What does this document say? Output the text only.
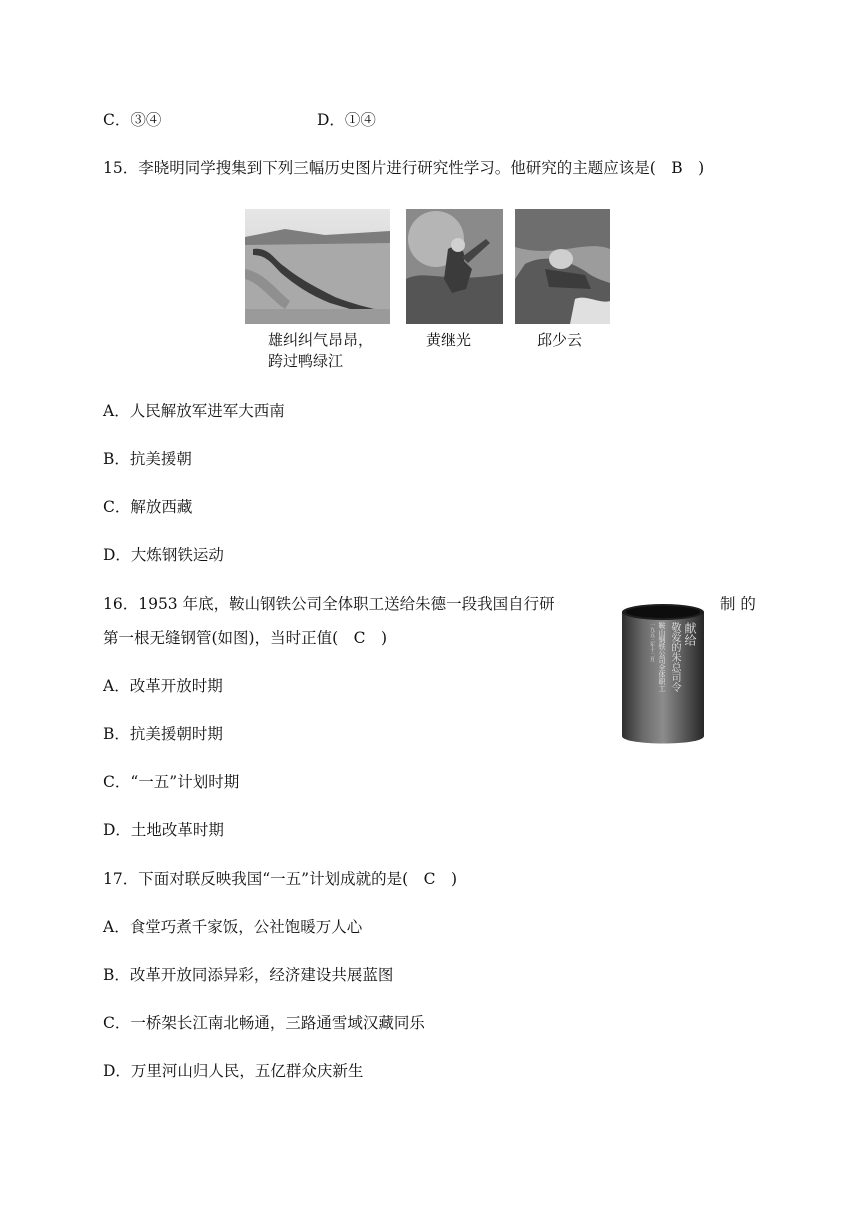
C．③④	D．①④
15．李晓明同学搜集到下列三幅历史图片进行研究性学习。他研究的主题应该是(　B　)
雄纠纠气昂昂，
跨过鸭绿江
黄继光	邱少云
A．人民解放军进军大西南
B．抗美援朝
C．解放西藏
D．大炼钢铁运动
16．1953 年底，鞍山钢铁公司全体职工送给朱德一段我国自行研	制 的
第一根无缝钢管(如图)，当时正值(　C　)	献给
敬爱的朱总司令
鞍山钢铁公司全体职工
一九五三年十二月
A．改革开放时期
B．抗美援朝时期
C．“一五”计划时期
D．土地改革时期
17．下面对联反映我国“一五”计划成就的是(　C　)
A．食堂巧煮千家饭，公社饱暖万人心
B．改革开放同添异彩，经济建设共展蓝图
C．一桥架长江南北畅通，三路通雪域汉藏同乐
D．万里河山归人民，五亿群众庆新生
